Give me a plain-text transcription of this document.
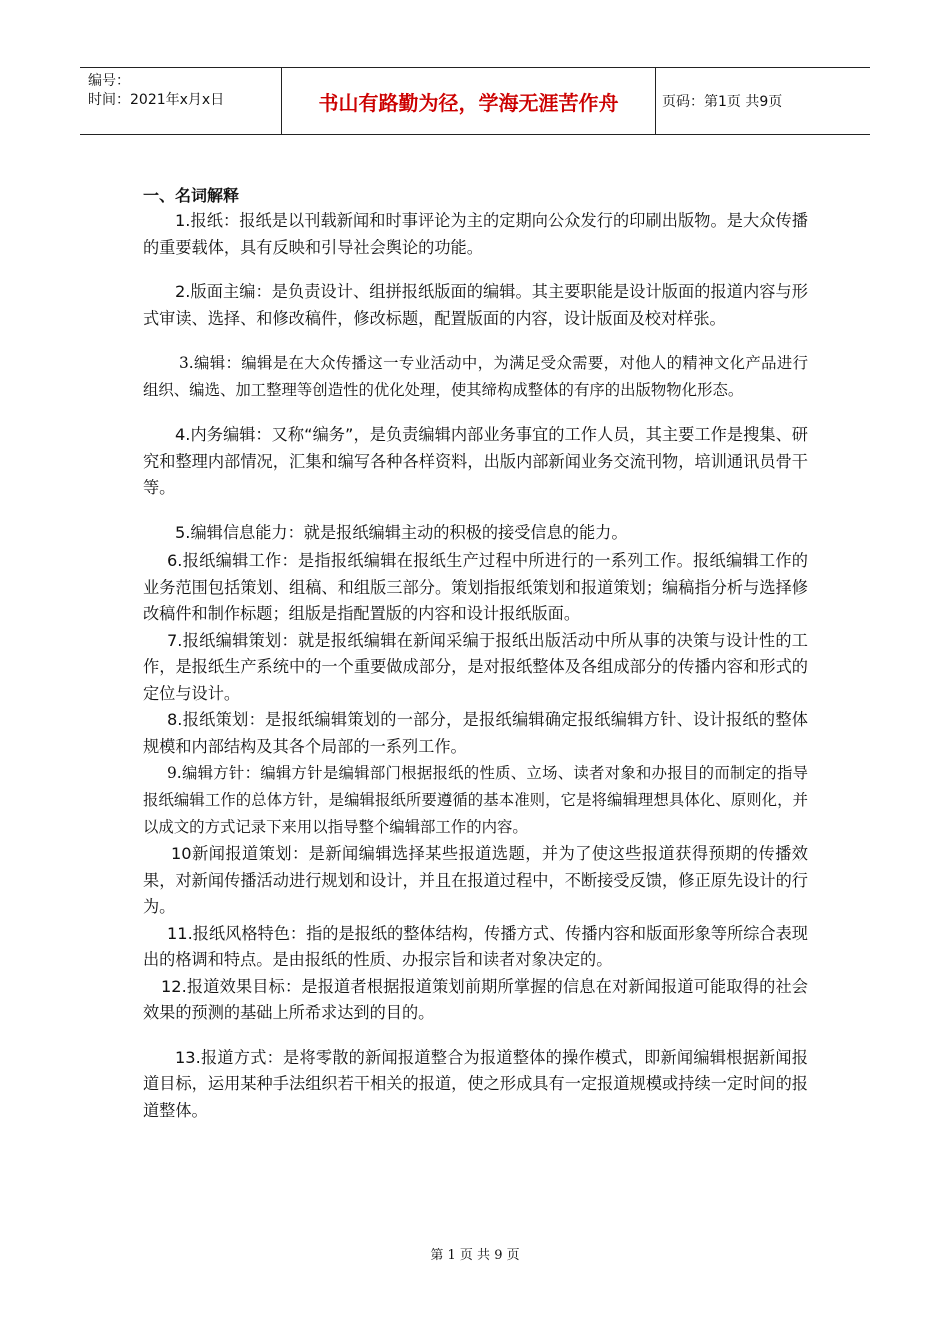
编号：
时间：2021年x月x日	书山有路勤为径，学海无涯苦作舟	页码：第1页 共9页
一、名词解释

1.报纸：报纸是以刊载新闻和时事评论为主的定期向公众发行的印刷出版物。是大众传播的重要载体，具有反映和引导社会舆论的功能。

2.版面主编：是负责设计、组拼报纸版面的编辑。其主要职能是设计版面的报道内容与形式审读、选择、和修改稿件，修改标题，配置版面的内容，设计版面及校对样张。

3.编辑：编辑是在大众传播这一专业活动中，为满足受众需要，对他人的精神文化产品进行组织、编选、加工整理等创造性的优化处理，使其缔构成整体的有序的出版物物化形态。

4.内务编辑：又称“编务”，是负责编辑内部业务事宜的工作人员，其主要工作是搜集、研究和整理内部情况，汇集和编写各种各样资料，出版内部新闻业务交流刊物，培训通讯员骨干等。

5.编辑信息能力：就是报纸编辑主动的积极的接受信息的能力。

6.报纸编辑工作：是指报纸编辑在报纸生产过程中所进行的一系列工作。报纸编辑工作的业务范围包括策划、组稿、和组版三部分。策划指报纸策划和报道策划；编稿指分析与选择修改稿件和制作标题；组版是指配置版的内容和设计报纸版面。

7.报纸编辑策划：就是报纸编辑在新闻采编于报纸出版活动中所从事的决策与设计性的工作，是报纸生产系统中的一个重要做成部分，是对报纸整体及各组成部分的传播内容和形式的定位与设计。

8.报纸策划：是报纸编辑策划的一部分，是报纸编辑确定报纸编辑方针、设计报纸的整体规模和内部结构及其各个局部的一系列工作。

9.编辑方针：编辑方针是编辑部门根据报纸的性质、立场、读者对象和办报目的而制定的指导报纸编辑工作的总体方针，是编辑报纸所要遵循的基本准则，它是将编辑理想具体化、原则化，并以成文的方式记录下来用以指导整个编辑部工作的内容。

10新闻报道策划：是新闻编辑选择某些报道选题，并为了使这些报道获得预期的传播效果，对新闻传播活动进行规划和设计，并且在报道过程中，不断接受反馈，修正原先设计的行为。

11.报纸风格特色：指的是报纸的整体结构，传播方式、传播内容和版面形象等所综合表现出的格调和特点。是由报纸的性质、办报宗旨和读者对象决定的。

12.报道效果目标：是报道者根据报道策划前期所掌握的信息在对新闻报道可能取得的社会效果的预测的基础上所希求达到的目的。

13.报道方式：是将零散的新闻报道整合为报道整体的操作模式，即新闻编辑根据新闻报道目标，运用某种手法组织若干相关的报道，使之形成具有一定报道规模或持续一定时间的报道整体。

第 1 页 共 9 页
